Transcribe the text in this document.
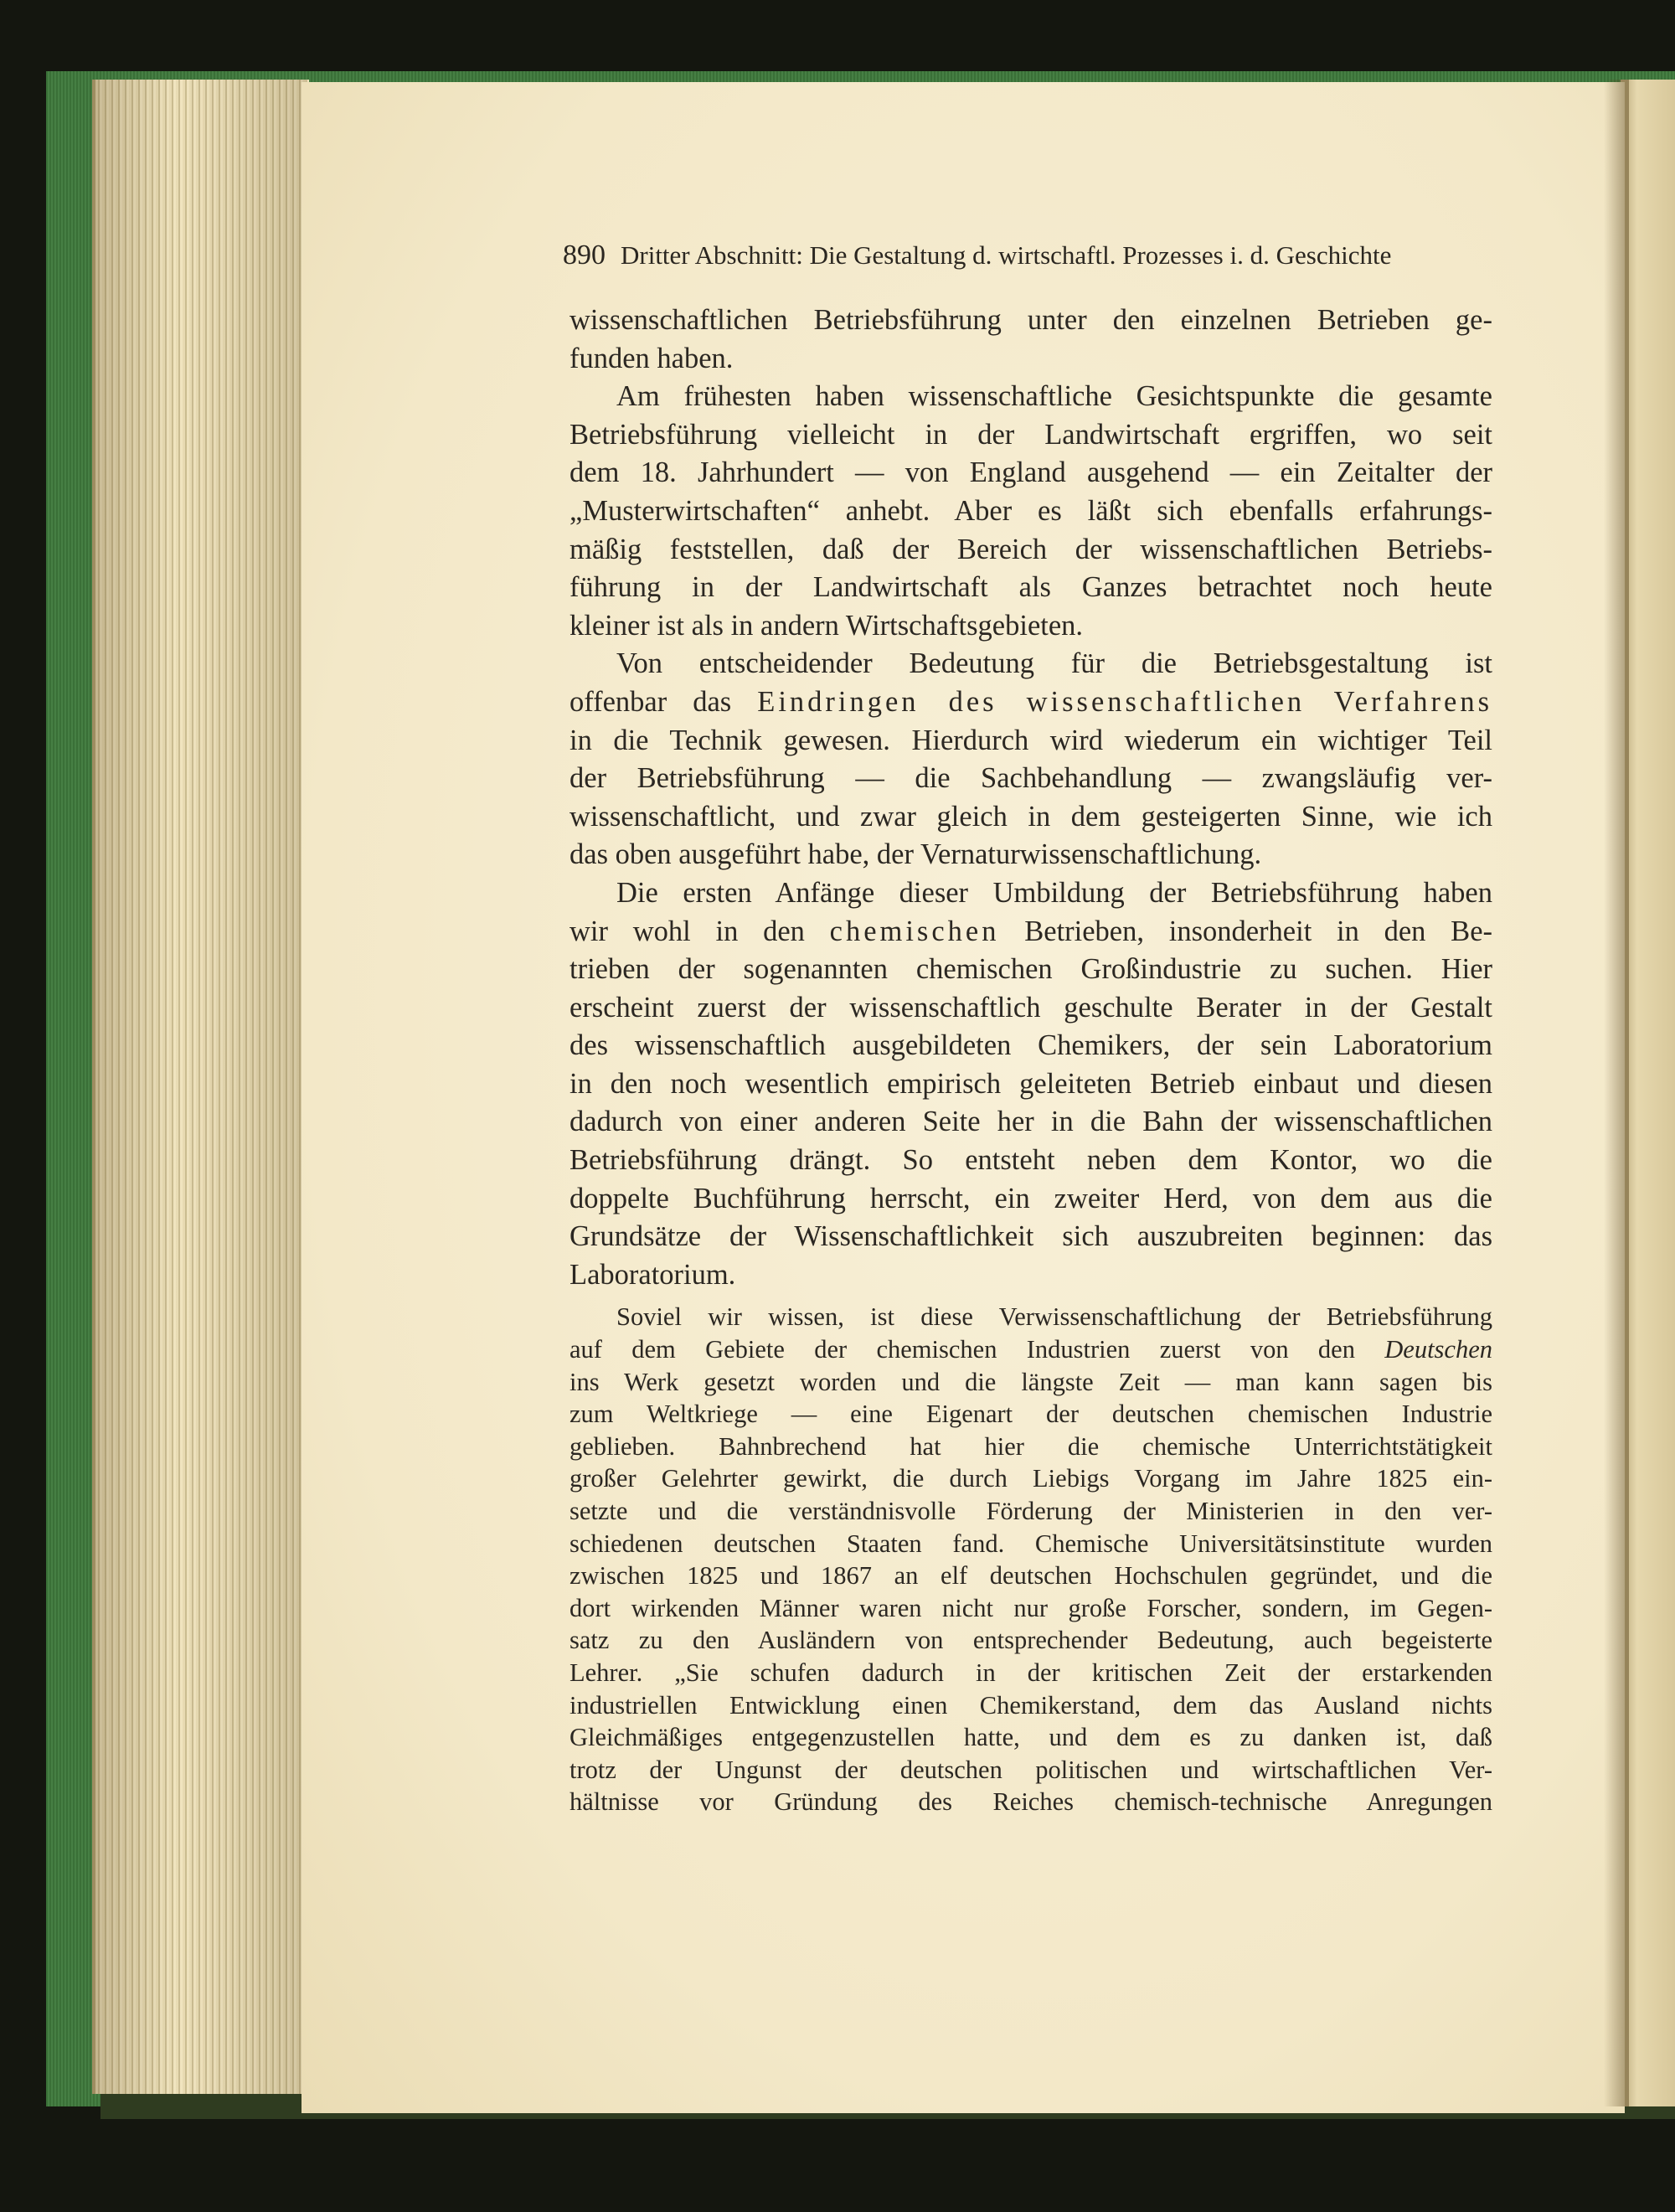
890 Dritter Abschnitt: Die Gestaltung d. wirtschaftl. Prozesses i. d. Geschichte
wissenschaftlichen Betriebsführung unter den einzelnen Betrieben ge-
funden haben.
Am frühesten haben wissenschaftliche Gesichtspunkte die gesamte
Betriebsführung vielleicht in der Landwirtschaft ergriffen, wo seit
dem 18. Jahrhundert — von England ausgehend — ein Zeitalter der
„Musterwirtschaften“ anhebt. Aber es läßt sich ebenfalls erfahrungs-
mäßig feststellen, daß der Bereich der wissenschaftlichen Betriebs-
führung in der Landwirtschaft als Ganzes betrachtet noch heute
kleiner ist als in andern Wirtschaftsgebieten.
Von entscheidender Bedeutung für die Betriebsgestaltung ist
offenbar das Eindringen des wissenschaftlichen Verfahrens
in die Technik gewesen. Hierdurch wird wiederum ein wichtiger Teil
der Betriebsführung — die Sachbehandlung — zwangsläufig ver-
wissenschaftlicht, und zwar gleich in dem gesteigerten Sinne, wie ich
das oben ausgeführt habe, der Vernaturwissenschaftlichung.
Die ersten Anfänge dieser Umbildung der Betriebsführung haben
wir wohl in den chemischen Betrieben, insonderheit in den Be-
trieben der sogenannten chemischen Großindustrie zu suchen. Hier
erscheint zuerst der wissenschaftlich geschulte Berater in der Gestalt
des wissenschaftlich ausgebildeten Chemikers, der sein Laboratorium
in den noch wesentlich empirisch geleiteten Betrieb einbaut und diesen
dadurch von einer anderen Seite her in die Bahn der wissenschaftlichen
Betriebsführung drängt. So entsteht neben dem Kontor, wo die
doppelte Buchführung herrscht, ein zweiter Herd, von dem aus die
Grundsätze der Wissenschaftlichkeit sich auszubreiten beginnen: das
Laboratorium.
Soviel wir wissen, ist diese Verwissenschaftlichung der Betriebsführung
auf dem Gebiete der chemischen Industrien zuerst von den Deutschen
ins Werk gesetzt worden und die längste Zeit — man kann sagen bis
zum Weltkriege — eine Eigenart der deutschen chemischen Industrie
geblieben. Bahnbrechend hat hier die chemische Unterrichtstätigkeit
großer Gelehrter gewirkt, die durch Liebigs Vorgang im Jahre 1825 ein-
setzte und die verständnisvolle Förderung der Ministerien in den ver-
schiedenen deutschen Staaten fand. Chemische Universitätsinstitute wurden
zwischen 1825 und 1867 an elf deutschen Hochschulen gegründet, und die
dort wirkenden Männer waren nicht nur große Forscher, sondern, im Gegen-
satz zu den Ausländern von entsprechender Bedeutung, auch begeisterte
Lehrer. „Sie schufen dadurch in der kritischen Zeit der erstarkenden
industriellen Entwicklung einen Chemikerstand, dem das Ausland nichts
Gleichmäßiges entgegenzustellen hatte, und dem es zu danken ist, daß
trotz der Ungunst der deutschen politischen und wirtschaftlichen Ver-
hältnisse vor Gründung des Reiches chemisch-technische Anregungen
